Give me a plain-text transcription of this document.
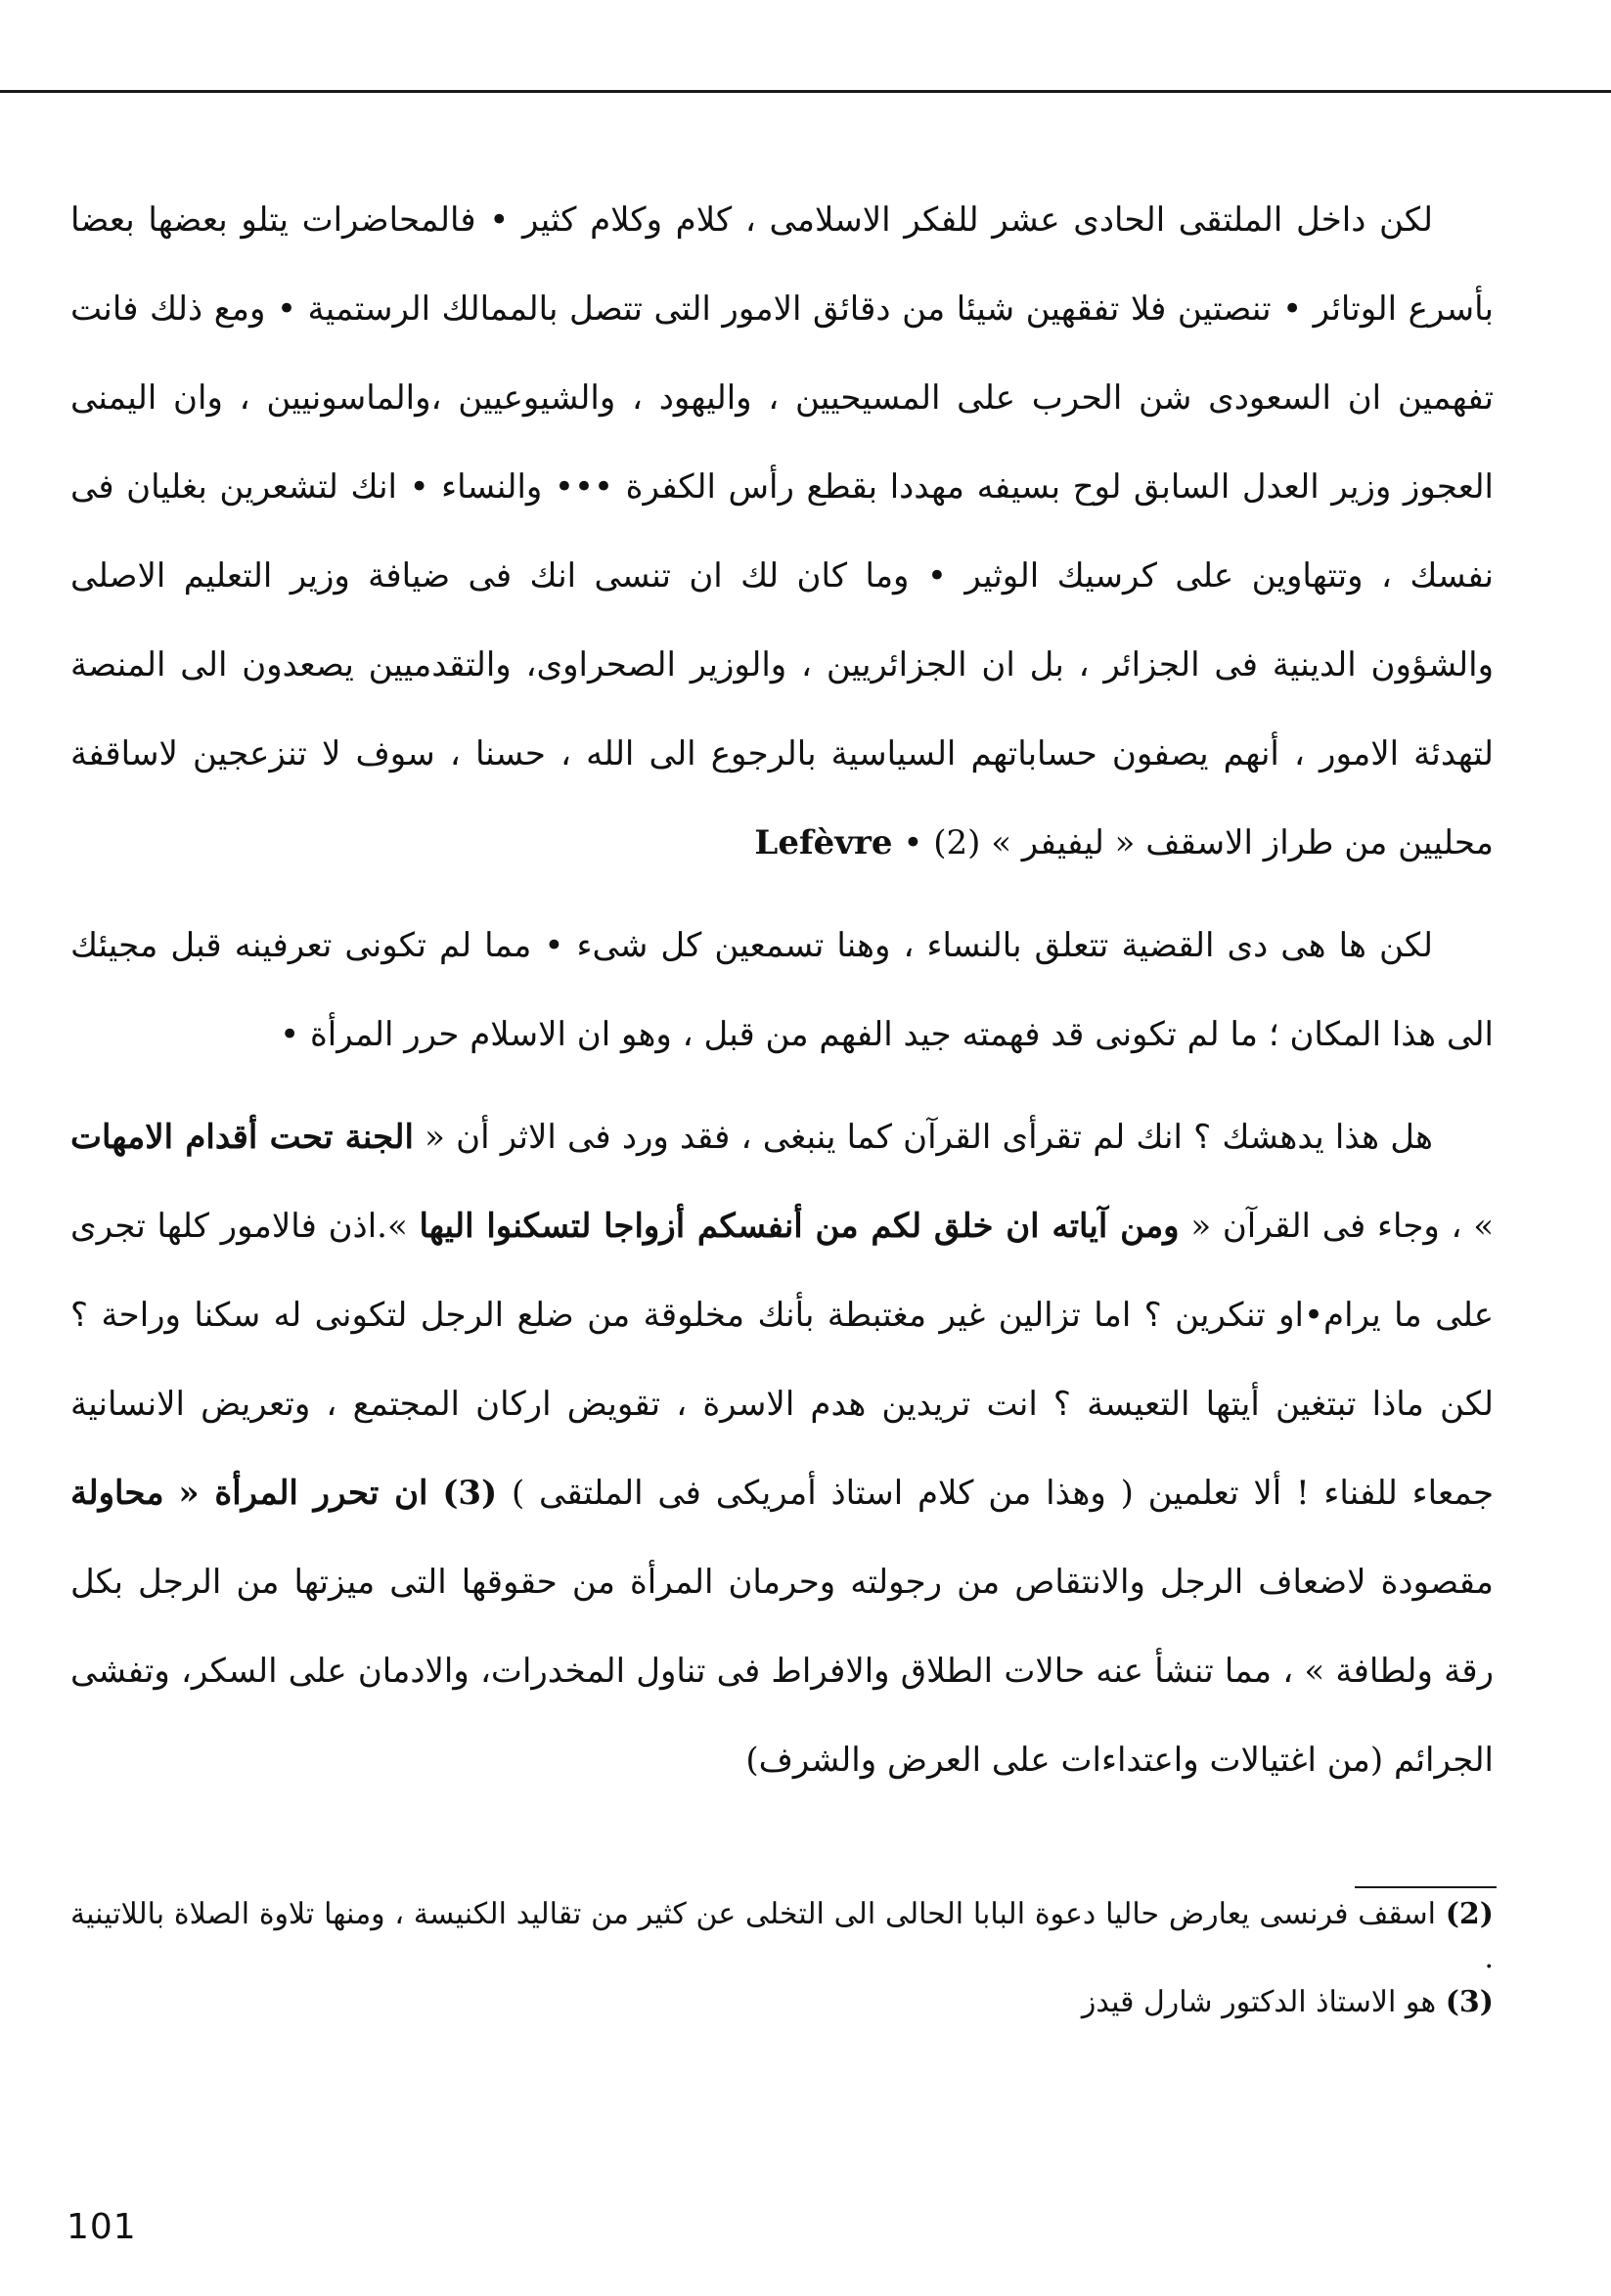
لكن داخل الملتقى الحادى عشر للفكر الاسلامى ، كلام وكلام كثير • فالمحاضرات يتلو بعضها بعضا بأسرع الوتائر • تنصتين فلا تفقهين شيئا من دقائق الامور التى تتصل بالممالك الرستمية • ومع ذلك فانت تفهمين ان السعودى شن الحرب على المسيحيين ، واليهود ، والشيوعيين ،والماسونيين ، وان اليمنى العجوز وزير العدل السابق لوح بسيفه مهددا بقطع رأس الكفرة ••• والنساء • انك لتشعرين بغليان فى نفسك ، وتتهاوين على كرسيك الوثير • وما كان لك ان تنسى انك فى ضيافة وزير التعليم الاصلى والشؤون الدينية فى الجزائر ، بل ان الجزائريين ، والوزير الصحراوى، والتقدميين يصعدون الى المنصة لتهدئة الامور ، أنهم يصفون حساباتهم السياسية بالرجوع الى الله ، حسنا ، سوف لا تنزعجين لاساقفة محليين من طراز الاسقف « ليفيفر » Lefèvre • (2)

لكن ها هى دى القضية تتعلق بالنساء ، وهنا تسمعين كل شىء • مما لم تكونى تعرفينه قبل مجيئك الى هذا المكان ؛ ما لم تكونى قد فهمته جيد الفهم من قبل ، وهو ان الاسلام حرر المرأة •

هل هذا يدهشك ؟ انك لم تقرأى القرآن كما ينبغى ، فقد ورد فى الاثر أن « الجنة تحت أقدام الامهات » ، وجاء فى القرآن « ومن آياته ان خلق لكم من أنفسكم أزواجا لتسكنوا اليها ».اذن فالامور كلها تجرى على ما يرام•او تنكرين ؟ اما تزالين غير مغتبطة بأنك مخلوقة من ضلع الرجل لتكونى له سكنا وراحة ؟ لكن ماذا تبتغين أيتها التعيسة ؟ انت تريدين هدم الاسرة ، تقويض اركان المجتمع ، وتعريض الانسانية جمعاء للفناء ! ألا تعلمين ( وهذا من كلام استاذ أمريكى فى الملتقى ) (3) ان تحرر المرأة « محاولة مقصودة لاضعاف الرجل والانتقاص من رجولته وحرمان المرأة من حقوقها التى ميزتها من الرجل بكل رقة ولطافة » ، مما تنشأ عنه حالات الطلاق والافراط فى تناول المخدرات، والادمان على السكر، وتفشى الجرائم (من اغتيالات واعتداءات على العرض والشرف)

(2) اسقف فرنسى يعارض حاليا دعوة البابا الحالى الى التخلى عن كثير من تقاليد الكنيسة ، ومنها تلاوة الصلاة باللاتينية .

(3) هو الاستاذ الدكتور شارل قيدز

101
